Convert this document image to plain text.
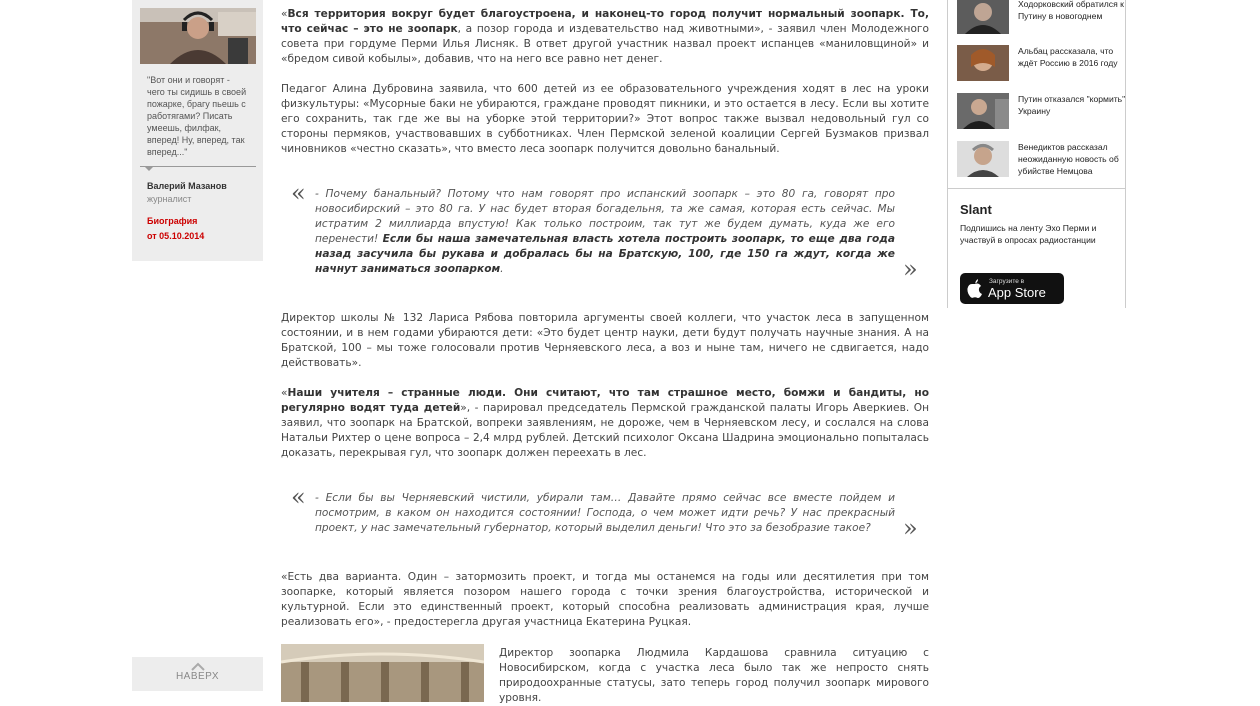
"Вот они и говорят - чего ты сидишь в своей пожарке, брагу пьешь с работягами? Писать умеешь, филфак, вперед! Ну, вперед, так вперед..."
Валерий Мазанов
журналист
Биография
от 05.10.2014
НАВЕРХ
«Вся территория вокруг будет благоустроена, и наконец-то город получит нормальный зоопарк. То, что сейчас – это не зоопарк, а позор города и издевательство над животными», - заявил член Молодежного совета при гордуме Перми Илья Лисняк. В ответ другой участник назвал проект испанцев «маниловщиной» и «бредом сивой кобылы», добавив, что на него все равно нет денег.
Педагог Алина Дубровина заявила, что 600 детей из ее образовательного учреждения ходят в лес на уроки физкультуры: «Мусорные баки не убираются, граждане проводят пикники, и это остается в лесу. Если вы хотите его сохранить, так где же вы на уборке этой территории?» Этот вопрос также вызвал недовольный гул со стороны пермяков, участвовавших в субботниках. Член Пермской зеленой коалиции Сергей Бузмаков призвал чиновников «честно сказать», что вместо леса зоопарк получится довольно банальный.
« - Почему банальный? Потому что нам говорят про испанский зоопарк – это 80 га, говорят про новосибирский – это 80 га. У нас будет вторая богадельня, та же самая, которая есть сейчас. Мы истратим 2 миллиарда впустую! Как только построим, так тут же будем думать, куда же его перенести! Если бы наша замечательная власть хотела построить зоопарк, то еще два года назад засучила бы рукава и добралась бы на Братскую, 100, где 150 га ждут, когда же начнут заниматься зоопарком.	»
Директор школы № 132 Лариса Рябова повторила аргументы своей коллеги, что участок леса в запущенном состоянии, и в нем годами убираются дети: «Это будет центр науки, дети будут получать научные знания. А на Братской, 100 – мы тоже голосовали против Черняевского леса, а воз и ныне там, ничего не сдвигается, надо действовать».
«Наши учителя – странные люди. Они считают, что там страшное место, бомжи и бандиты, но регулярно водят туда детей», - парировал председатель Пермской гражданской палаты Игорь Аверкиев. Он заявил, что зоопарк на Братской, вопреки заявлениям, не дороже, чем в Черняевском лесу, и сослался на слова Натальи Рихтер о цене вопроса – 2,4 млрд рублей. Детский психолог Оксана Шадрина эмоционально попыталась доказать, перекрывая гул, что зоопарк должен переехать в лес.
« - Если бы вы Черняевский чистили, убирали там… Давайте прямо сейчас все вместе пойдем и посмотрим, в каком он находится состоянии! Господа, о чем может идти речь? У нас прекрасный проект, у нас замечательный губернатор, который выделил деньги! Что это за безобразие такое?	»
«Есть два варианта. Один – затормозить проект, и тогда мы останемся на годы или десятилетия при том зоопарке, который является позором нашего города с точки зрения благоустройства, исторической и культурной. Если это единственный проект, который способна реализовать администрация края, лучше реализовать его», - предостерегла другая участница Екатерина Руцкая.
Директор зоопарка Людмила Кардашова сравнила ситуацию с Новосибирском, когда с участка леса было так же непросто снять природоохранные статусы, зато теперь город получил зоопарк мирового уровня.
Ходорковский обратился к Путину в новогоднем
Альбац рассказала, что ждёт Россию в 2016 году
Путин отказался "кормить" Украину
Венедиктов рассказал неожиданную новость об убийстве Немцова
Slant
Подпишись на ленту Эхо Перми и участвуй в опросах радиостанции
Загрузите в
App Store
